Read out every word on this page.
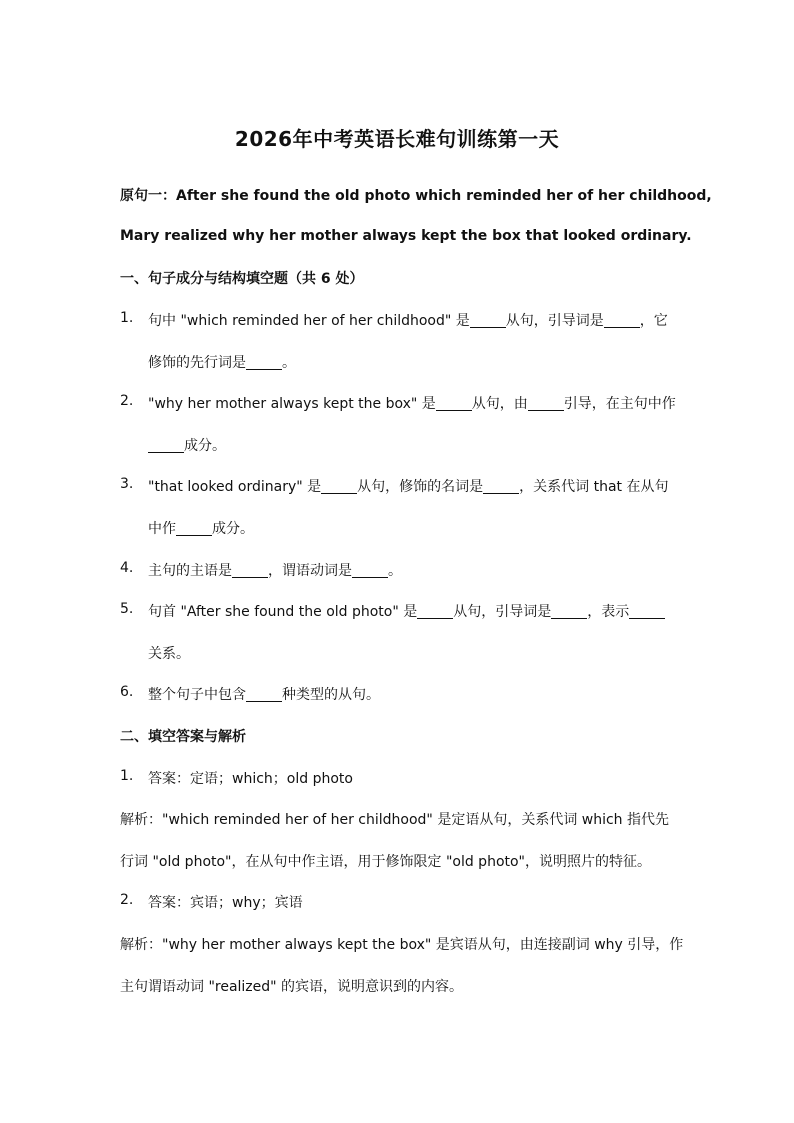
2026年中考英语长难句训练第一天
原句一：After she found the old photo which reminded her of her childhood,
Mary realized why her mother always kept the box that looked ordinary.
一、句子成分与结构填空题（共 6 处）
1. 句中 "which reminded her of her childhood" 是	从句，引导词是	，它
修饰的先行词是	。
2. "why her mother always kept the box" 是	从句，由	引导，在主句中作
成分。
3. "that looked ordinary" 是	从句，修饰的名词是	，关系代词 that 在从句
中作	成分。
4. 主句的主语是	，谓语动词是	。
5. 句首 "After she found the old photo" 是	从句，引导词是	，表示
关系。
6. 整个句子中包含	种类型的从句。
二、填空答案与解析
1. 答案：定语；which；old photo
解析："which reminded her of her childhood" 是定语从句，关系代词 which 指代先
行词 "old photo"，在从句中作主语，用于修饰限定 "old photo"，说明照片的特征。
2. 答案：宾语；why；宾语
解析："why her mother always kept the box" 是宾语从句，由连接副词 why 引导，作
主句谓语动词 "realized" 的宾语，说明意识到的内容。
